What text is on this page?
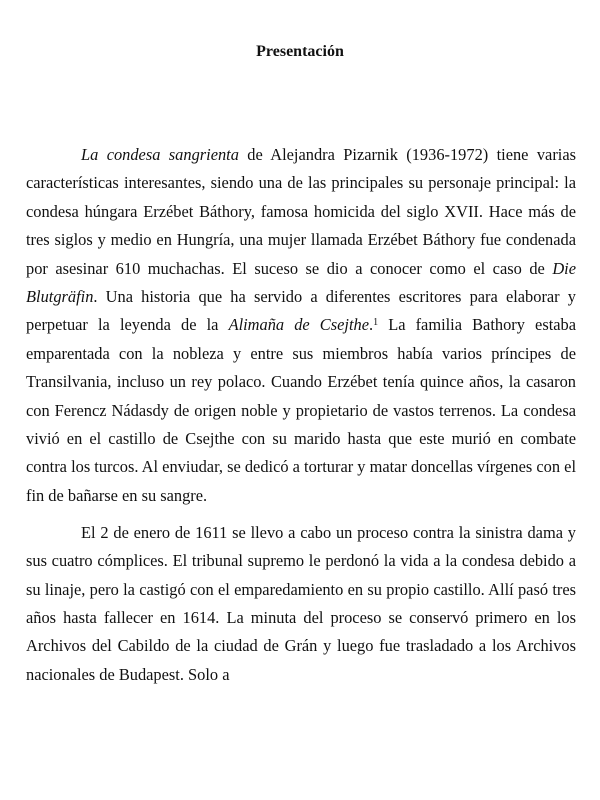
Presentación

La condesa sangrienta de Alejandra Pizarnik (1936-1972) tiene varias características interesantes, siendo una de las principales su personaje principal: la condesa húngara Erzébet Báthory, famosa homicida del siglo XVII. Hace más de tres siglos y medio en Hungría, una mujer llamada Erzébet Báthory fue condenada por asesinar 610 muchachas. El suceso se dio a conocer como el caso de Die Blutgräfin. Una historia que ha servido a diferentes escritores para elaborar y perpetuar la leyenda de la Alimaña de Csejthe.$^1$ La familia Bathory estaba emparentada con la nobleza y entre sus miembros había varios príncipes de Transilvania, incluso un rey polaco. Cuando Erzébet tenía quince años, la casaron con Ferencz Nádasdy de origen noble y propietario de vastos terrenos. La condesa vivió en el castillo de Csejthe con su marido hasta que este murió en combate contra los turcos. Al enviudar, se dedicó a torturar y matar doncellas vírgenes con el fin de bañarse en su sangre.

El 2 de enero de 1611 se llevo a cabo un proceso contra la sinistra dama y sus cuatro cómplices. El tribunal supremo le perdonó la vida a la condesa debido a su linaje, pero la castigó con el emparedamiento en su propio castillo. Allí pasó tres años hasta fallecer en 1614. La minuta del proceso se conservó primero en los Archivos del Cabildo de la ciudad de Grán y luego fue trasladado a los Archivos nacionales de Budapest. Solo a
